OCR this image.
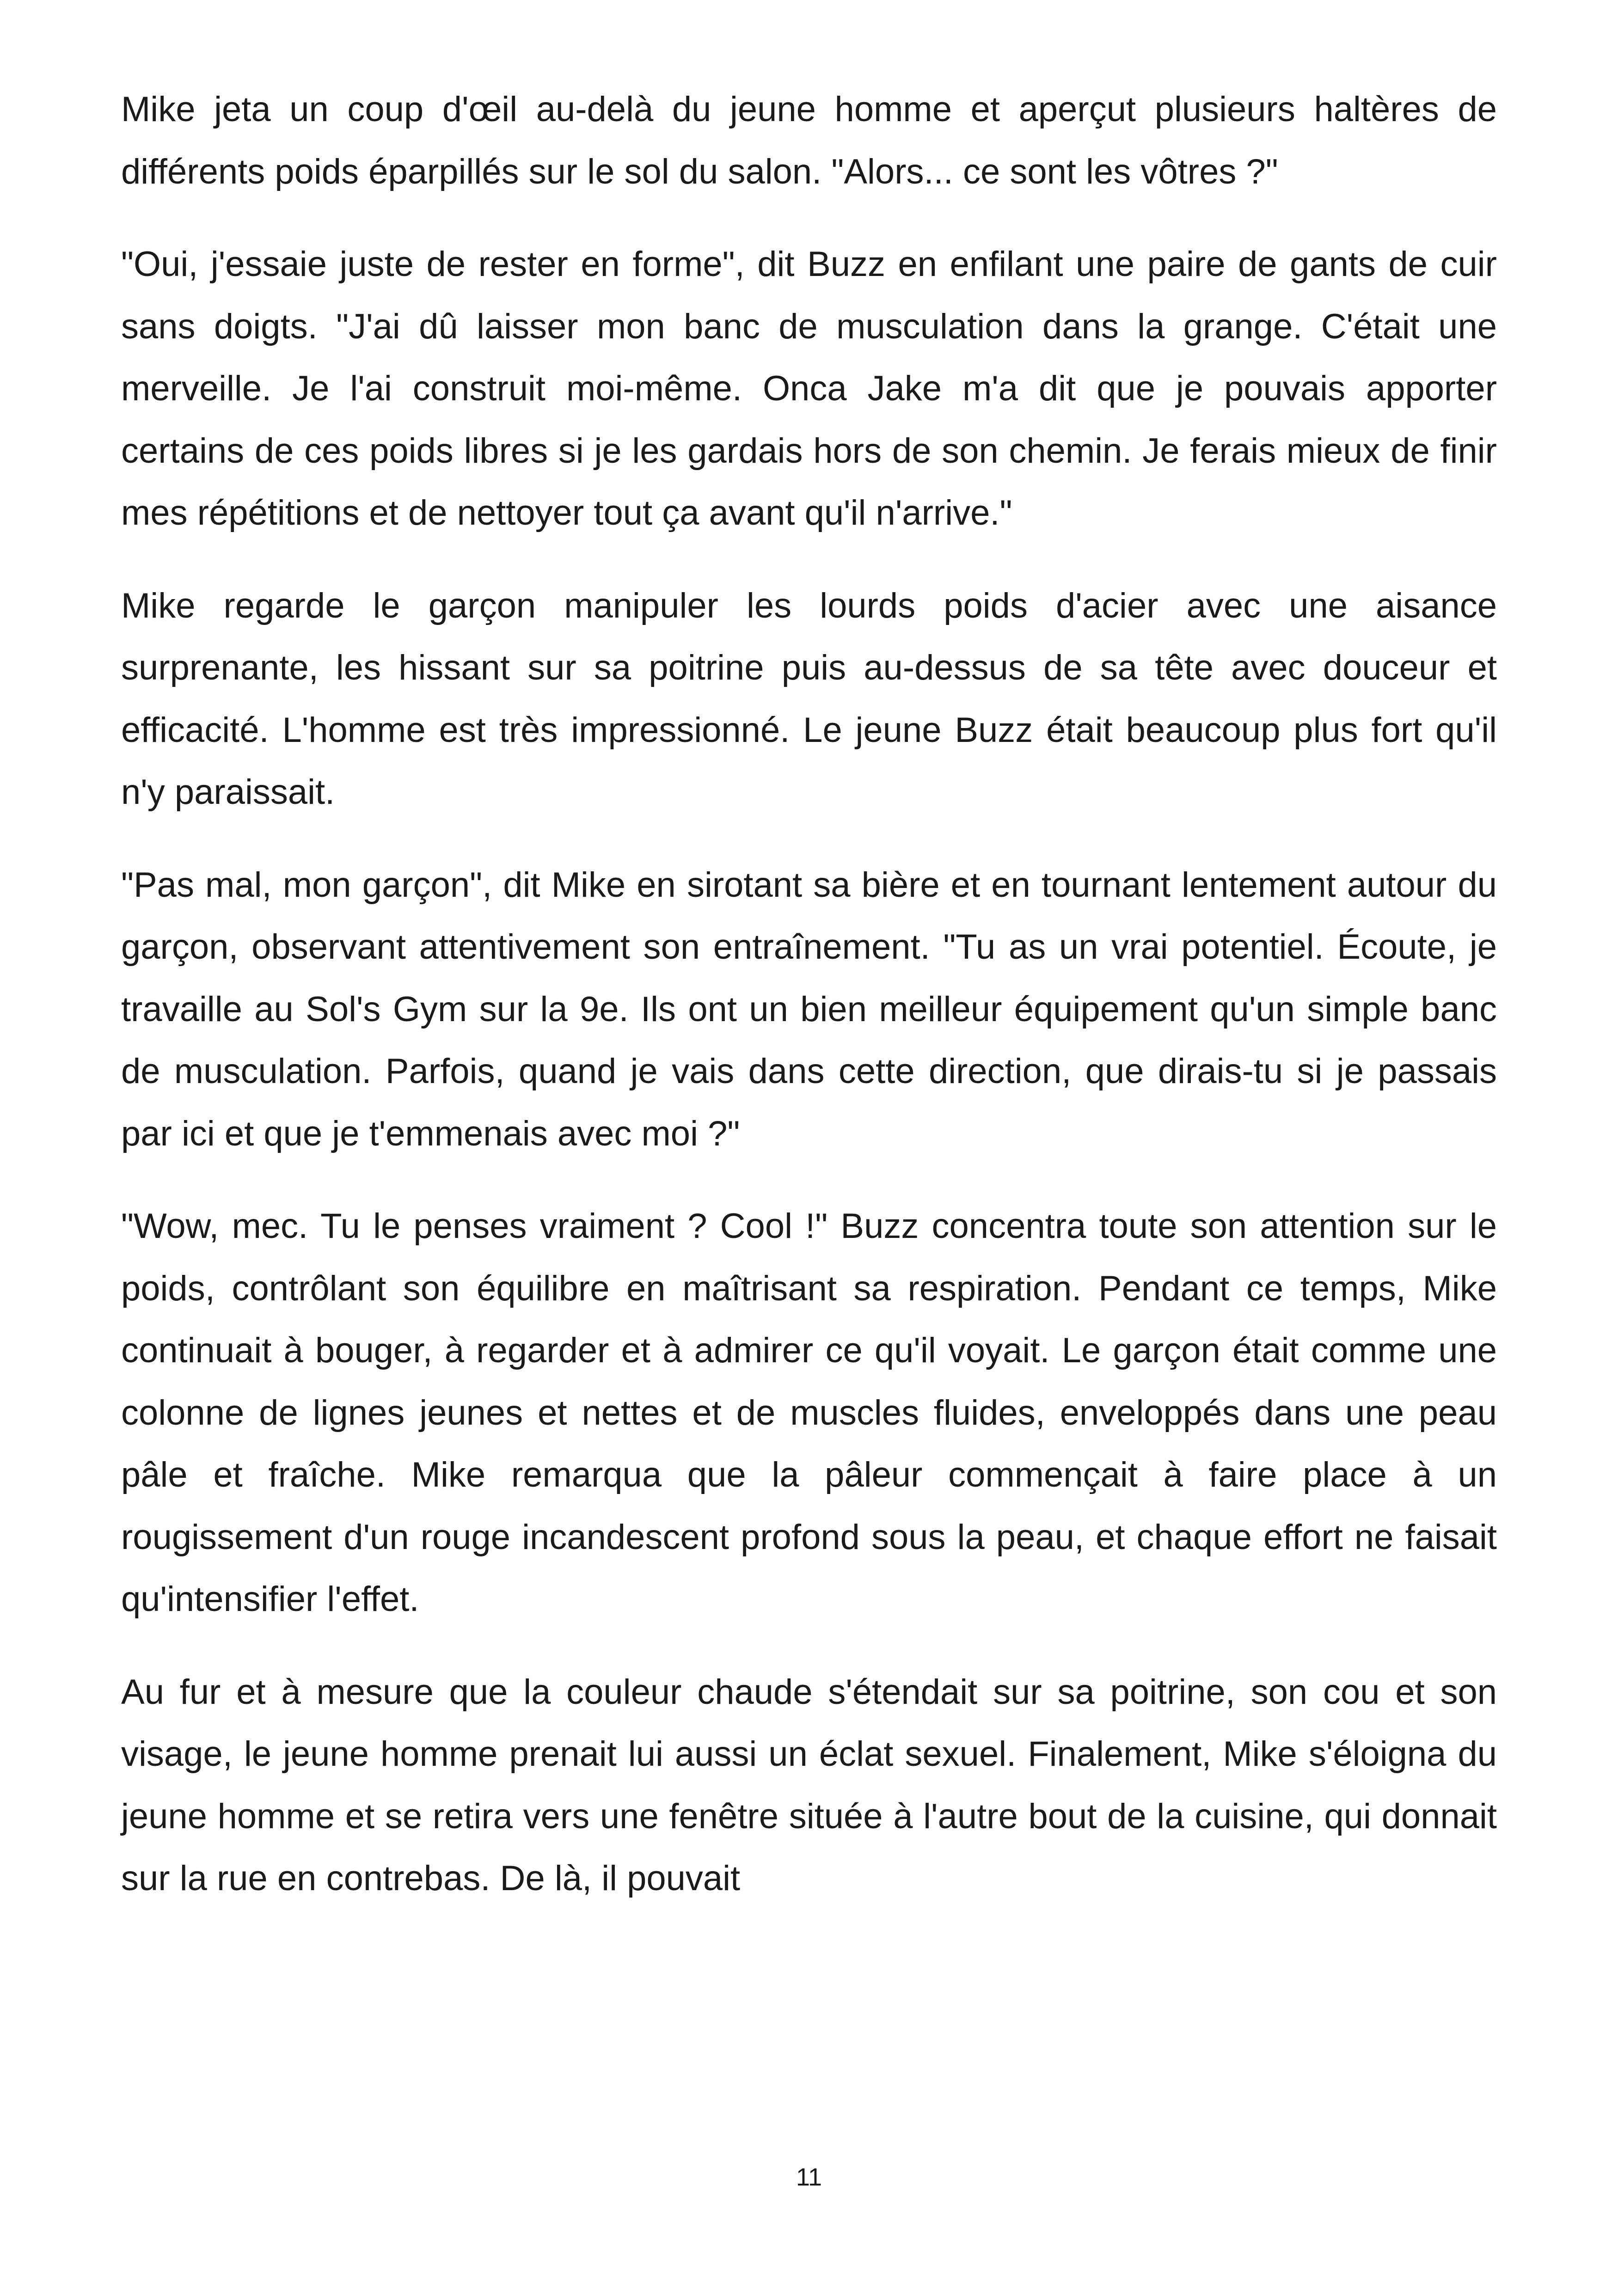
Mike jeta un coup d'œil au-delà du jeune homme et aperçut plusieurs haltères de différents poids éparpillés sur le sol du salon. "Alors... ce sont les vôtres ?"

"Oui, j'essaie juste de rester en forme", dit Buzz en enfilant une paire de gants de cuir sans doigts. "J'ai dû laisser mon banc de musculation dans la grange. C'était une merveille. Je l'ai construit moi-même. Onca Jake m'a dit que je pouvais apporter certains de ces poids libres si je les gardais hors de son chemin. Je ferais mieux de finir mes répétitions et de nettoyer tout ça avant qu'il n'arrive."

Mike regarde le garçon manipuler les lourds poids d'acier avec une aisance surprenante, les hissant sur sa poitrine puis au-dessus de sa tête avec douceur et efficacité. L'homme est très impressionné. Le jeune Buzz était beaucoup plus fort qu'il n'y paraissait.

"Pas mal, mon garçon", dit Mike en sirotant sa bière et en tournant lentement autour du garçon, observant attentivement son entraînement. "Tu as un vrai potentiel. Écoute, je travaille au Sol's Gym sur la 9e. Ils ont un bien meilleur équipement qu'un simple banc de musculation. Parfois, quand je vais dans cette direction, que dirais-tu si je passais par ici et que je t'emmenais avec moi ?"

"Wow, mec. Tu le penses vraiment ? Cool !" Buzz concentra toute son attention sur le poids, contrôlant son équilibre en maîtrisant sa respiration. Pendant ce temps, Mike continuait à bouger, à regarder et à admirer ce qu'il voyait. Le garçon était comme une colonne de lignes jeunes et nettes et de muscles fluides, enveloppés dans une peau pâle et fraîche. Mike remarqua que la pâleur commençait à faire place à un rougissement d'un rouge incandescent profond sous la peau, et chaque effort ne faisait qu'intensifier l'effet.

Au fur et à mesure que la couleur chaude s'étendait sur sa poitrine, son cou et son visage, le jeune homme prenait lui aussi un éclat sexuel. Finalement, Mike s'éloigna du jeune homme et se retira vers une fenêtre située à l'autre bout de la cuisine, qui donnait sur la rue en contrebas. De là, il pouvait

11
